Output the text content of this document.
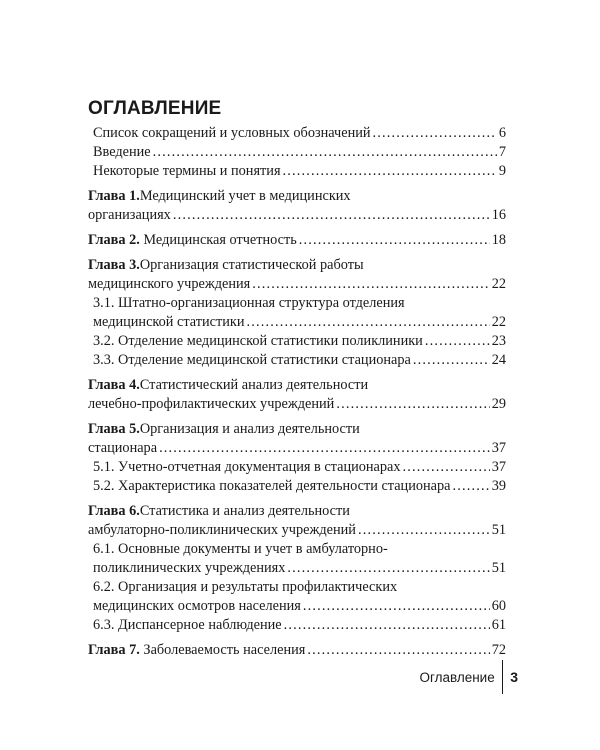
ОГЛАВЛЕНИЕ
Список сокращений и условных обозначений . . .	6
Введение . . .	7
Некоторые термины и понятия . . .	9
Глава 1. Медицинский учет в медицинских
организациях . . .	16
Глава 2. Медицинская отчетность . . .	18
Глава 3. Организация статистической работы
медицинского учреждения . . .	22
3.1. Штатно-организационная структура отделения
медицинской статистики . . .	22
3.2. Отделение медицинской статистики поликлиники . . .	23
3.3. Отделение медицинской статистики стационара . . .	24
Глава 4. Статистический анализ деятельности
лечебно-профилактических учреждений . . .	29
Глава 5. Организация и анализ деятельности
стационара . . .	37
5.1. Учетно-отчетная документация в стационарах . . .	37
5.2. Характеристика показателей деятельности стационара . . .	39
Глава 6. Статистика и анализ деятельности
амбулаторно-поликлинических учреждений . . .	51
6.1. Основные документы и учет в амбулаторно-
поликлинических учреждениях . . .	51
6.2. Организация и результаты профилактических
медицинских осмотров населения . . .	60
6.3. Диспансерное наблюдение . . .	61
Глава 7. Заболеваемость населения . . .	72
Оглавление 3
